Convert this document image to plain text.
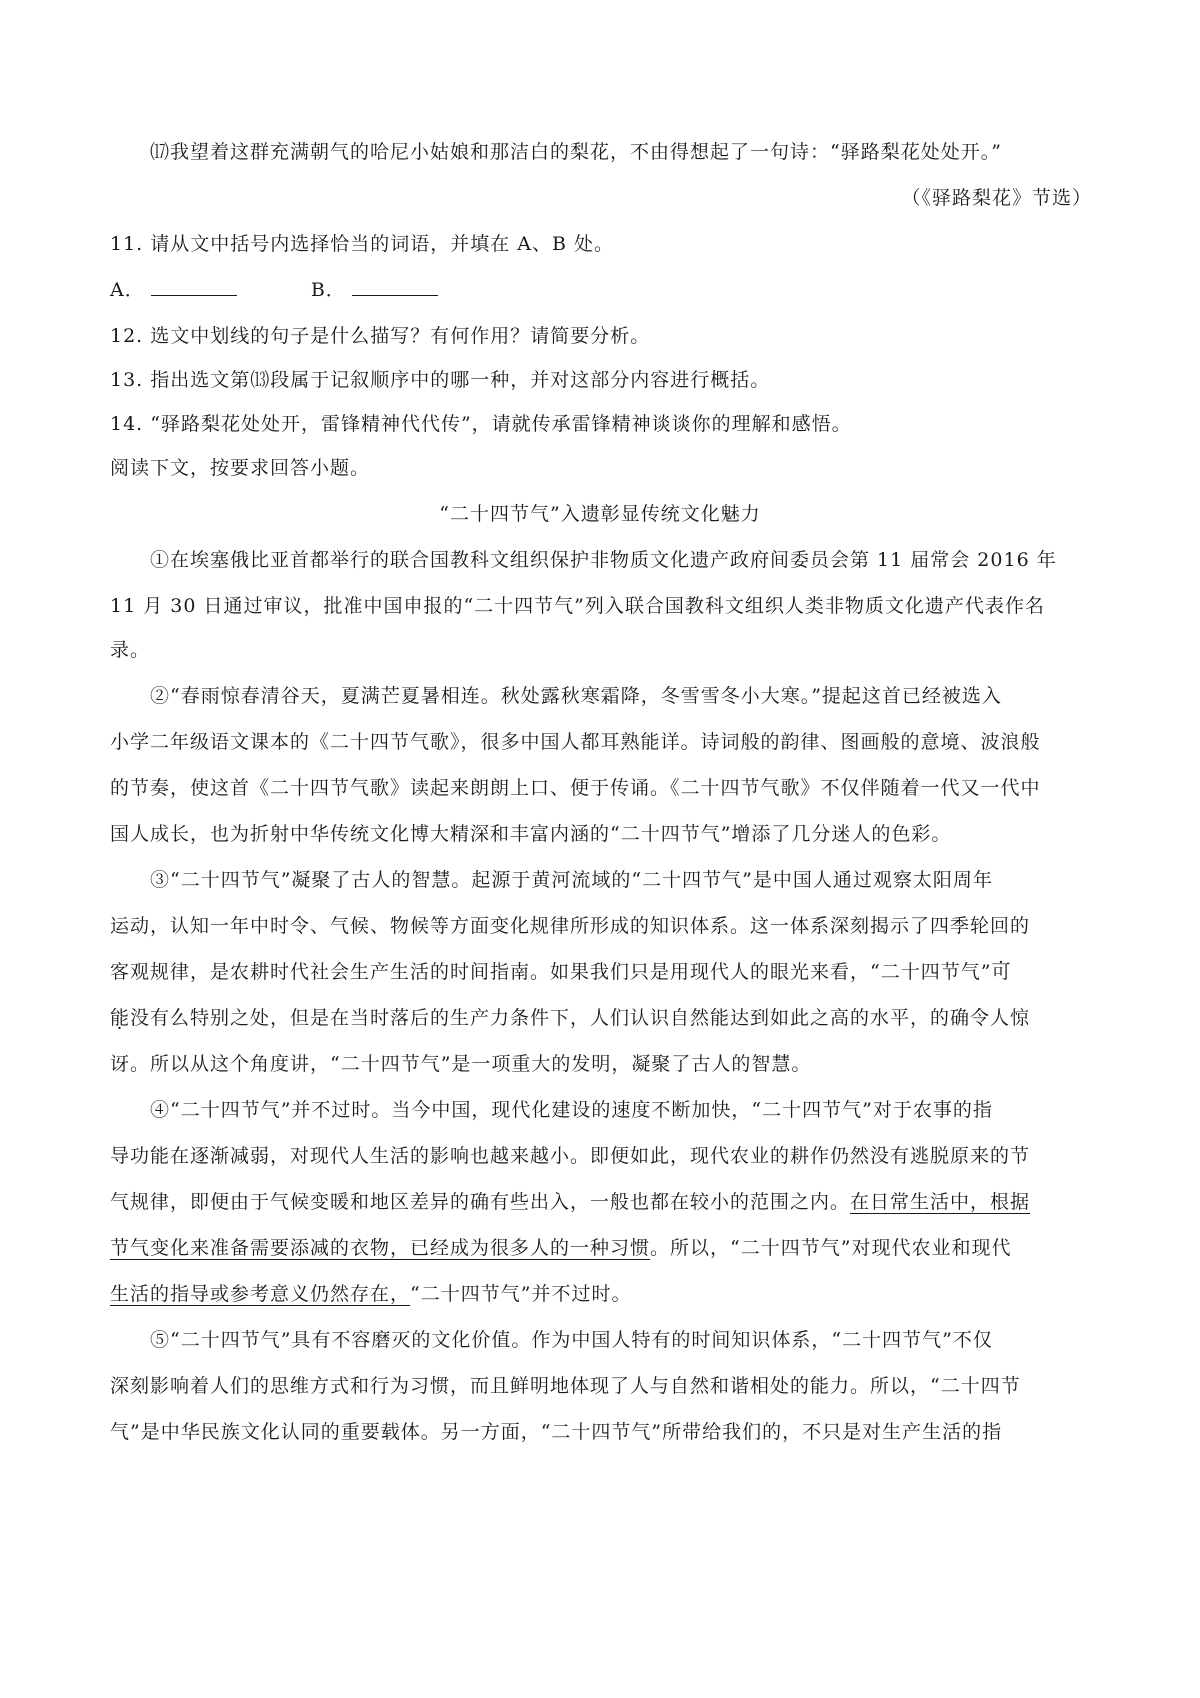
⒄我望着这群充满朝气的哈尼小姑娘和那洁白的梨花，不由得想起了一句诗：“驿路梨花处处开。”
（《驿路梨花》节选）
11. 请从文中括号内选择恰当的词语，并填在 A、B 处。
A．	B．
12. 选文中划线的句子是什么描写？有何作用？请简要分析。
13. 指出选文第⒀段属于记叙顺序中的哪一种，并对这部分内容进行概括。
14. “驿路梨花处处开，雷锋精神代代传”，请就传承雷锋精神谈谈你的理解和感悟。
阅读下文，按要求回答小题。
“二十四节气”入遗彰显传统文化魅力
①在埃塞俄比亚首都举行的联合国教科文组织保护非物质文化遗产政府间委员会第 11 届常会 2016 年
11 月 30 日通过审议，批准中国申报的“二十四节气”列入联合国教科文组织人类非物质文化遗产代表作名
录。
②“春雨惊春清谷天，夏满芒夏暑相连。秋处露秋寒霜降，冬雪雪冬小大寒。”提起这首已经被选入
小学二年级语文课本的《二十四节气歌》，很多中国人都耳熟能详。诗词般的韵律、图画般的意境、波浪般
的节奏，使这首《二十四节气歌》读起来朗朗上口、便于传诵。《二十四节气歌》不仅伴随着一代又一代中
国人成长，也为折射中华传统文化博大精深和丰富内涵的“二十四节气”增添了几分迷人的色彩。
③“二十四节气”凝聚了古人的智慧。起源于黄河流域的“二十四节气”是中国人通过观察太阳周年
运动，认知一年中时令、气候、物候等方面变化规律所形成的知识体系。这一体系深刻揭示了四季轮回的
客观规律，是农耕时代社会生产生活的时间指南。如果我们只是用现代人的眼光来看，“二十四节气”可
能没有么特别之处，但是在当时落后的生产力条件下，人们认识自然能达到如此之高的水平，的确令人惊
讶。所以从这个角度讲，“二十四节气”是一项重大的发明，凝聚了古人的智慧。
④“二十四节气”并不过时。当今中国，现代化建设的速度不断加快，“二十四节气”对于农事的指
导功能在逐渐减弱，对现代人生活的影响也越来越小。即便如此，现代农业的耕作仍然没有逃脱原来的节
气规律，即便由于气候变暖和地区差异的确有些出入，一般也都在较小的范围之内。在日常生活中，根据
节气变化来准备需要添减的衣物，已经成为很多人的一种习惯。所以，“二十四节气”对现代农业和现代
生活的指导或参考意义仍然存在，“二十四节气”并不过时。
⑤“二十四节气”具有不容磨灭的文化价值。作为中国人特有的时间知识体系，“二十四节气”不仅
深刻影响着人们的思维方式和行为习惯，而且鲜明地体现了人与自然和谐相处的能力。所以，“二十四节
气”是中华民族文化认同的重要载体。另一方面，“二十四节气”所带给我们的，不只是对生产生活的指
